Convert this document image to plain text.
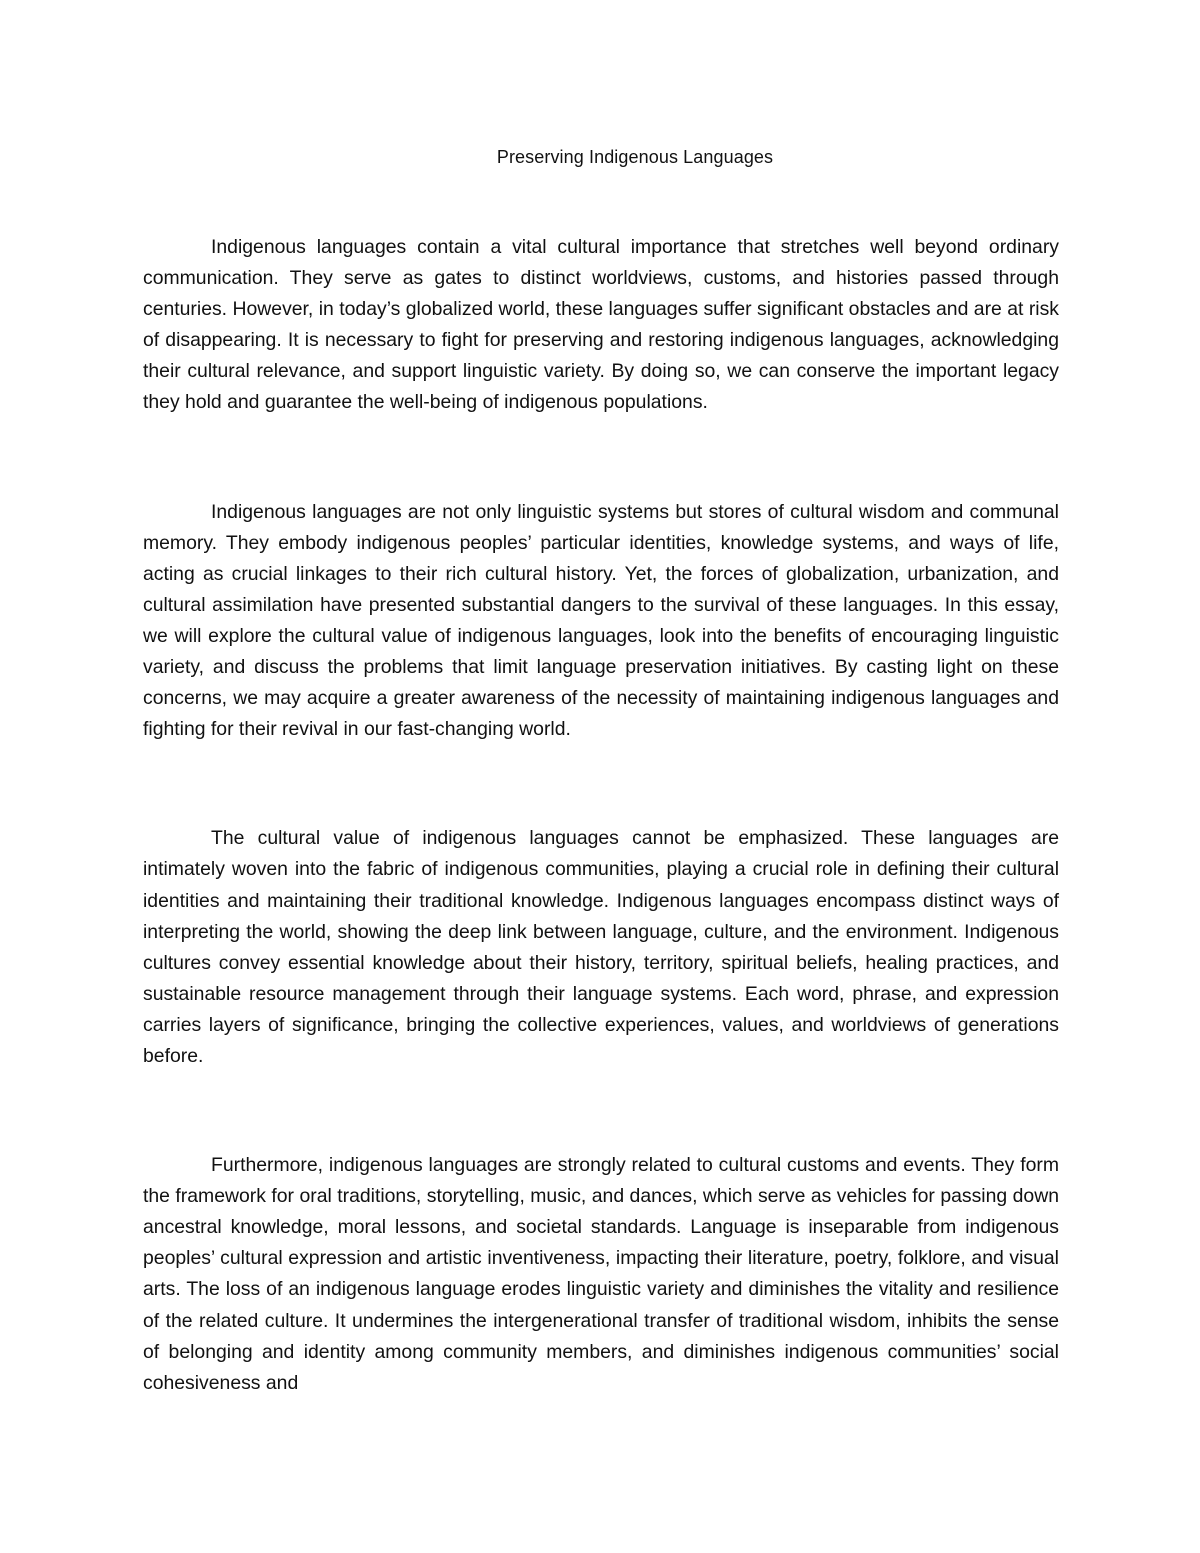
Preserving Indigenous Languages

Indigenous languages contain a vital cultural importance that stretches well beyond ordinary communication. They serve as gates to distinct worldviews, customs, and histories passed through centuries. However, in today’s globalized world, these languages suffer significant obstacles and are at risk of disappearing. It is necessary to fight for preserving and restoring indigenous languages, acknowledging their cultural relevance, and support linguistic variety. By doing so, we can conserve the important legacy they hold and guarantee the well-being of indigenous populations.

Indigenous languages are not only linguistic systems but stores of cultural wisdom and communal memory. They embody indigenous peoples’ particular identities, knowledge systems, and ways of life, acting as crucial linkages to their rich cultural history. Yet, the forces of globalization, urbanization, and cultural assimilation have presented substantial dangers to the survival of these languages. In this essay, we will explore the cultural value of indigenous languages, look into the benefits of encouraging linguistic variety, and discuss the problems that limit language preservation initiatives. By casting light on these concerns, we may acquire a greater awareness of the necessity of maintaining indigenous languages and fighting for their revival in our fast-changing world.

The cultural value of indigenous languages cannot be emphasized. These languages are intimately woven into the fabric of indigenous communities, playing a crucial role in defining their cultural identities and maintaining their traditional knowledge. Indigenous languages encompass distinct ways of interpreting the world, showing the deep link between language, culture, and the environment. Indigenous cultures convey essential knowledge about their history, territory, spiritual beliefs, healing practices, and sustainable resource management through their language systems. Each word, phrase, and expression carries layers of significance, bringing the collective experiences, values, and worldviews of generations before.

Furthermore, indigenous languages are strongly related to cultural customs and events. They form the framework for oral traditions, storytelling, music, and dances, which serve as vehicles for passing down ancestral knowledge, moral lessons, and societal standards. Language is inseparable from indigenous peoples’ cultural expression and artistic inventiveness, impacting their literature, poetry, folklore, and visual arts. The loss of an indigenous language erodes linguistic variety and diminishes the vitality and resilience of the related culture. It undermines the intergenerational transfer of traditional wisdom, inhibits the sense of belonging and identity among community members, and diminishes indigenous communities’ social cohesiveness and
